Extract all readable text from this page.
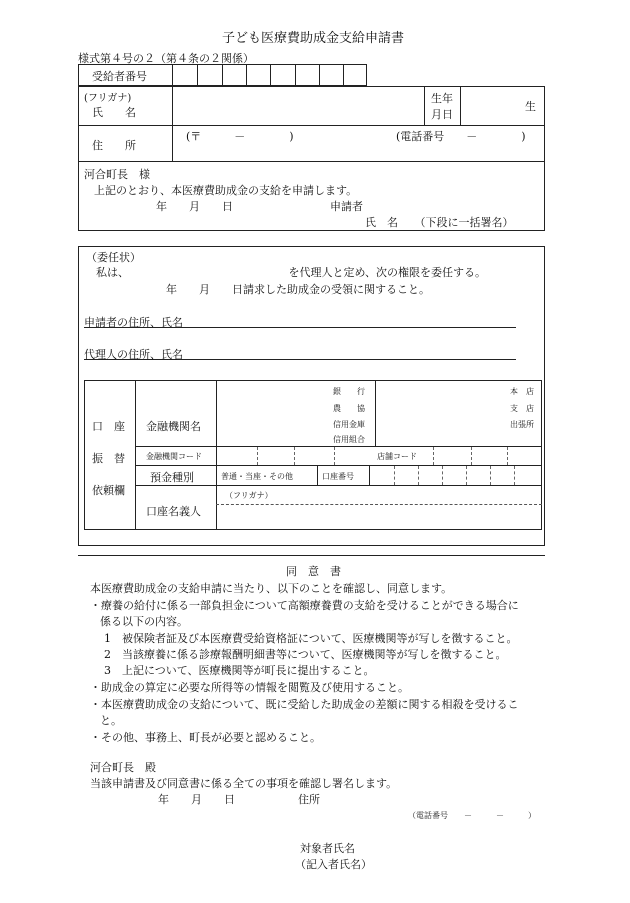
子ども医療費助成金支給申請書
様式第４号の２（第４条の２関係）
受給者番号
(フリガナ)
氏　　名
生年
月日
生
住　　所
(〒　　　－　　　　)	(電話番号　　－　　　　)
河合町長　様
上記のとおり、本医療費助成金の支給を申請します。
年　　月　　日	申請者
氏　名　　（下段に一括署名）
（委任状）
私は、　　　　　　　　　　　　　　　を代理人と定め、次の権限を委任する。
年　　月　　日請求した助成金の受領に関すること。
申請者の住所、氏名
代理人の住所、氏名
口　座
振　替
依頼欄
金融機関名
銀　　行
農　　協
信用金庫
信用組合
本　店
支　店
出張所
金融機関コード	店舗コード
預金種別	普通・当座・その他	口座番号
口座名義人
（フリガナ）
同　意　書
本医療費助成金の支給申請に当たり、以下のことを確認し、同意します。
・療養の給付に係る一部負担金について高額療養費の支給を受けることができる場合に
係る以下の内容。
1　被保険者証及び本医療費受給資格証について、医療機関等が写しを徴すること。
2　当該療養に係る診療報酬明細書等について、医療機関等が写しを徴すること。
3　上記について、医療機関等が町長に提出すること。
・助成金の算定に必要な所得等の情報を閲覧及び使用すること。
・本医療費助成金の支給について、既に受給した助成金の差額に関する相殺を受けるこ
と。
・その他、事務上、町長が必要と認めること。
河合町長　殿
当該申請書及び同意書に係る全ての事項を確認し署名します。
年　　月　　日	住所
（電話番号　　－　　　－　　　）
対象者氏名
（記入者氏名）
